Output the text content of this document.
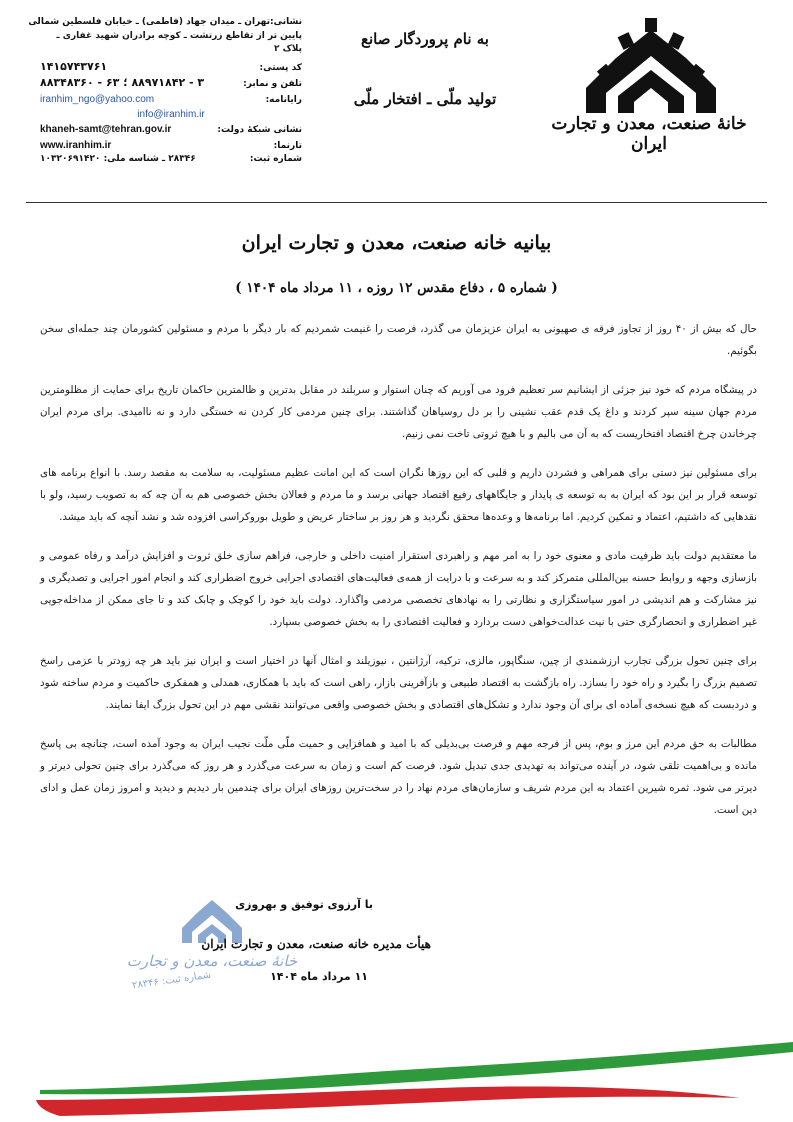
خانهٔ صنعت، معدن و تجارت ایران
به نام پروردگار صانع
تولید ملّی ـ افتخار ملّی
نشانی:
تهران ـ میدان جهاد (فاطمی) ـ خیابان فلسطین شمالی
پایین تر از تقاطع زرتشت ـ کوچه برادران شهید غفاری ـ پلاک ۲
کد پستی:
۱۴۱۵۷۴۳۷۶۱
تلفن و نمابر:
۳ - ۸۸۹۷۱۸۴۲ ؛ ۶۳ - ۸۸۳۴۸۳۶۰
رایانامه:
iranhim_ngo@yahoo.com
info@iranhim.ir
نشانی شبکهٔ دولت:
khaneh-samt@tehran.gov.ir
تارنما:
www.iranhim.ir
شماره ثبت:
۲۸۳۴۶ ـ شناسه ملی: ۱۰۳۲۰۶۹۱۴۲۰
بیانیه خانه صنعت، معدن و تجارت ایران
( شماره ۵ ، دفاع مقدس ۱۲ روزه ، ۱۱ مرداد ماه ۱۴۰۴ )

حال که بیش از ۴۰ روز از تجاوز فرقه ی صهیونی به ایران عزیزمان می گذرد، فرصت را غنیمت شمردیم که بار دیگر با مردم و مسئولین کشورمان چند جمله‌ای سخن بگوئیم.

در پیشگاه مردم که خود نیز جزئی از ایشانیم سر تعظیم فرود می آوریم که چنان استوار و سربلند در مقابل بدترین و ظالمترین حاکمان تاریخ برای حمایت از مظلومترین مردم جهان سینه سپر کردند و داغ یک قدم عقب نشینی را بر دل روسیاهان گذاشتند. برای چنین مردمی کار کردن نه خستگی دارد و نه ناامیدی. برای مردم ایران چرخاندن چرخ اقتصاد افتخاریست که به آن می بالیم و با هیچ ثروتی تاخت نمی زنیم.

برای مسئولین نیز دستی برای همراهی و فشردن داریم و قلبی که این روزها نگران است که این امانت عظیم مسئولیت، به سلامت به مقصد رسد. با انواع برنامه های توسعه قرار بر این بود که ایران به به توسعه ی پایدار و جایگاههای رفیع اقتصاد جهانی برسد و ما مردم و فعالان بخش خصوصی هم به آن چه که به تصویب رسید، ولو با نقدهایی که داشتیم، اعتماد و تمکین کردیم. اما برنامه‌ها و وعده‌ها محقق نگردید و هر روز بر ساختار عریض و طویل بوروکراسی افزوده شد و نشد آنچه که باید میشد.

ما معتقدیم دولت باید ظرفیت مادی و معنوی خود را به امر مهم و راهبردی استقرار امنیت داخلی و خارجی، فراهم سازی خلق ثروت و افزایش درآمد و رفاه عمومی و بازسازی وجهه و روابط حسنه بین‌المللی متمرکز کند و به سرعت و با درایت از همه‌ی فعالیت‌های اقتصادی اجرایی خروج اضطراری کند و انجام امور اجرایی و تصدیگری و نیز مشارکت و هم اندیشی در امور سیاستگزاری و نظارتی را به نهادهای تخصصی مردمی واگذارد. دولت باید خود را کوچک و چابک کند و تا جای ممکن از مداخله‌جویی غیر اضطراری و انحصارگری حتی با نیت عدالت‌خواهی دست بردارد و فعالیت اقتصادی را به بخش خصوصی بسپارد.

برای چنین تحول بزرگی تجارب ارزشمندی از چین، سنگاپور، مالزی، ترکیه، آرژانتین ، نیوزیلند و امثال آنها در اختیار است و ایران نیز باید هر چه زودتر با عزمی راسخ تصمیم بزرگ را بگیرد و راه خود را بسازد. راه بازگشت به اقتصاد طبیعی و بازآفرینی بازار، راهی است که باید با همکاری، همدلی و همفکری حاکمیت و مردم ساخته شود و دردبست که هیچ نسخه‌ی آماده ای برای آن وجود ندارد و تشکل‌های اقتصادی و بخش خصوصی واقعی می‌توانند نقشی مهم در این تحول بزرگ ایفا نمایند.

مطالبات به حق مردم این مرز و بوم، پس از فرجه مهم و فرصت بی‌بدیلی که با امید و همافزایی و حمیت ملّی ملّت نجیب ایران به وجود آمده است، چنانچه بی پاسخ مانده و بی‌اهمیت تلقی شود، در آینده می‌تواند به تهدیدی جدی تبدیل شود. فرصت کم است و زمان به سرعت می‌گذرد و هر روز که می‌گذرد برای چنین تحولی دیرتر و دیرتر می شود. ثمره شیرین اعتماد به این مردم شریف و سازمان‌های مردم نهاد را در سخت‌ترین روزهای ایران برای چندمین بار دیدیم و دیدید و امروز زمان عمل و ادای دین است.

خانهٔ صنعت، معدن و تجارت
شماره ثبت: ۲۸۳۴۶
با آرزوی توفیق و بهروزی
هیأت مدیره خانه صنعت، معدن و تجارت ایران
۱۱ مرداد ماه ۱۴۰۴
